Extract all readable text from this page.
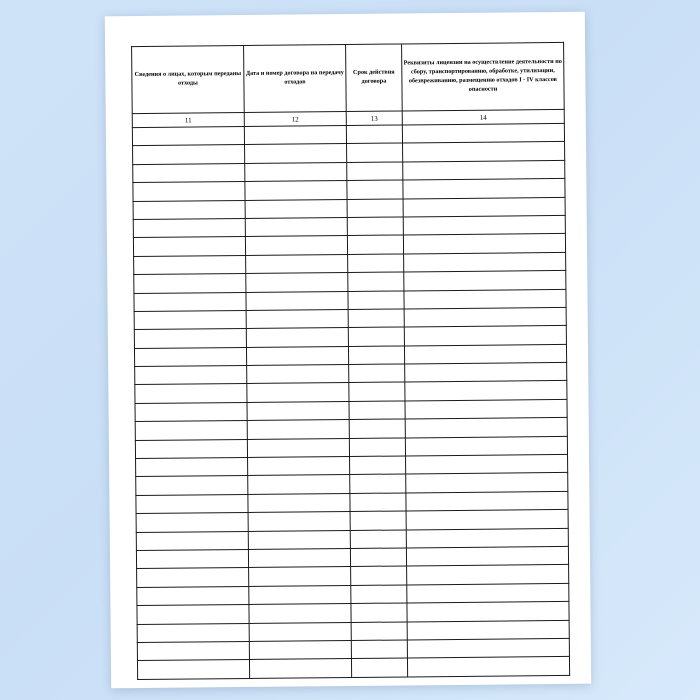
Сведения о лицах, которым переданы отходы	Дата и номер договора на передачу отходов	Срок действия договора	Реквизиты лицензии на осуществление деятельности по сбору, транспортированию, обработке, утилизации, обезвреживанию, размещению отходов I - IV классов опасности
11	12	13	14
